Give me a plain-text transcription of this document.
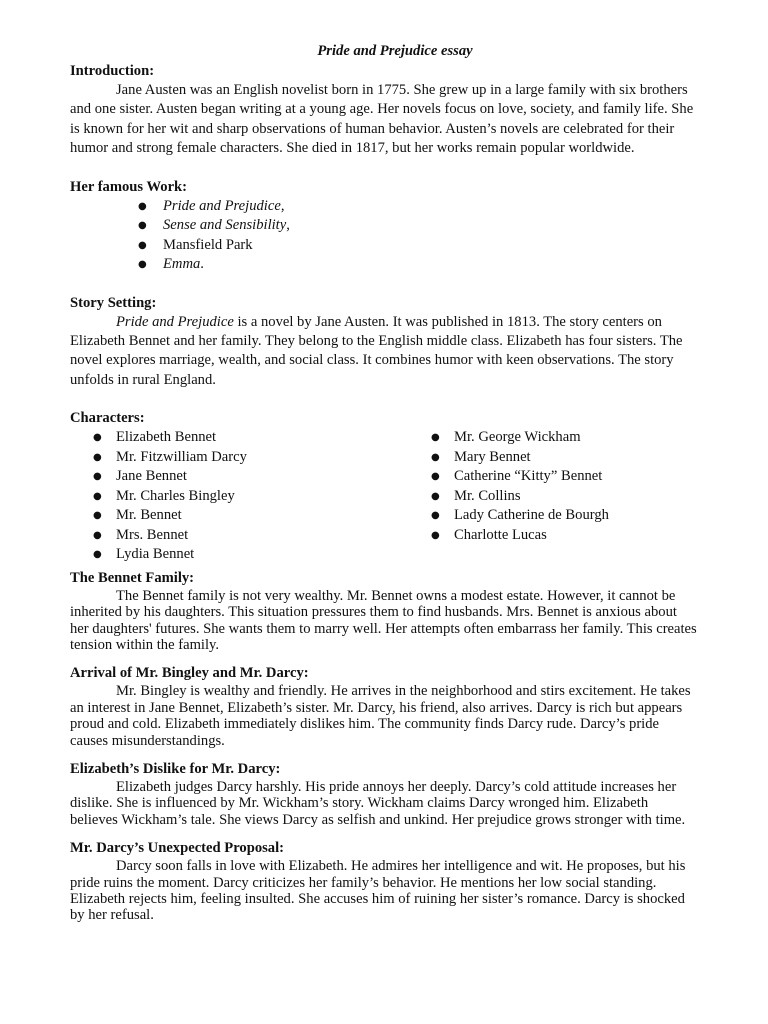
Pride and Prejudice essay

Introduction:

Jane Austen was an English novelist born in 1775. She grew up in a large family with six brothers and one sister. Austen began writing at a young age. Her novels focus on love, society, and family life. She is known for her wit and sharp observations of human behavior. Austen’s novels are celebrated for their humor and strong female characters. She died in 1817, but her works remain popular worldwide.

Her famous Work:

● Pride and Prejudice,
● Sense and Sensibility,
● Mansfield Park
● Emma.

Story Setting:

Pride and Prejudice is a novel by Jane Austen. It was published in 1813. The story centers on Elizabeth Bennet and her family. They belong to the English middle class. Elizabeth has four sisters. The novel explores marriage, wealth, and social class. It combines humor with keen observations. The story unfolds in rural England.

Characters:

● Elizabeth Bennet
● Mr. Fitzwilliam Darcy
● Jane Bennet
● Mr. Charles Bingley
● Mr. Bennet
● Mrs. Bennet
● Lydia Bennet
● Mr. George Wickham
● Mary Bennet
● Catherine “Kitty” Bennet
● Mr. Collins
● Lady Catherine de Bourgh
● Charlotte Lucas

The Bennet Family:

The Bennet family is not very wealthy. Mr. Bennet owns a modest estate. However, it cannot be inherited by his daughters. This situation pressures them to find husbands. Mrs. Bennet is anxious about her daughters' futures. She wants them to marry well. Her attempts often embarrass her family. This creates tension within the family.

Arrival of Mr. Bingley and Mr. Darcy:

Mr. Bingley is wealthy and friendly. He arrives in the neighborhood and stirs excitement. He takes an interest in Jane Bennet, Elizabeth’s sister. Mr. Darcy, his friend, also arrives. Darcy is rich but appears proud and cold. Elizabeth immediately dislikes him. The community finds Darcy rude. Darcy’s pride causes misunderstandings.

Elizabeth’s Dislike for Mr. Darcy:

Elizabeth judges Darcy harshly. His pride annoys her deeply. Darcy’s cold attitude increases her dislike. She is influenced by Mr. Wickham’s story. Wickham claims Darcy wronged him. Elizabeth believes Wickham’s tale. She views Darcy as selfish and unkind. Her prejudice grows stronger with time.

Mr. Darcy’s Unexpected Proposal:

Darcy soon falls in love with Elizabeth. He admires her intelligence and wit. He proposes, but his pride ruins the moment. Darcy criticizes her family’s behavior. He mentions her low social standing. Elizabeth rejects him, feeling insulted. She accuses him of ruining her sister’s romance. Darcy is shocked by her refusal.
